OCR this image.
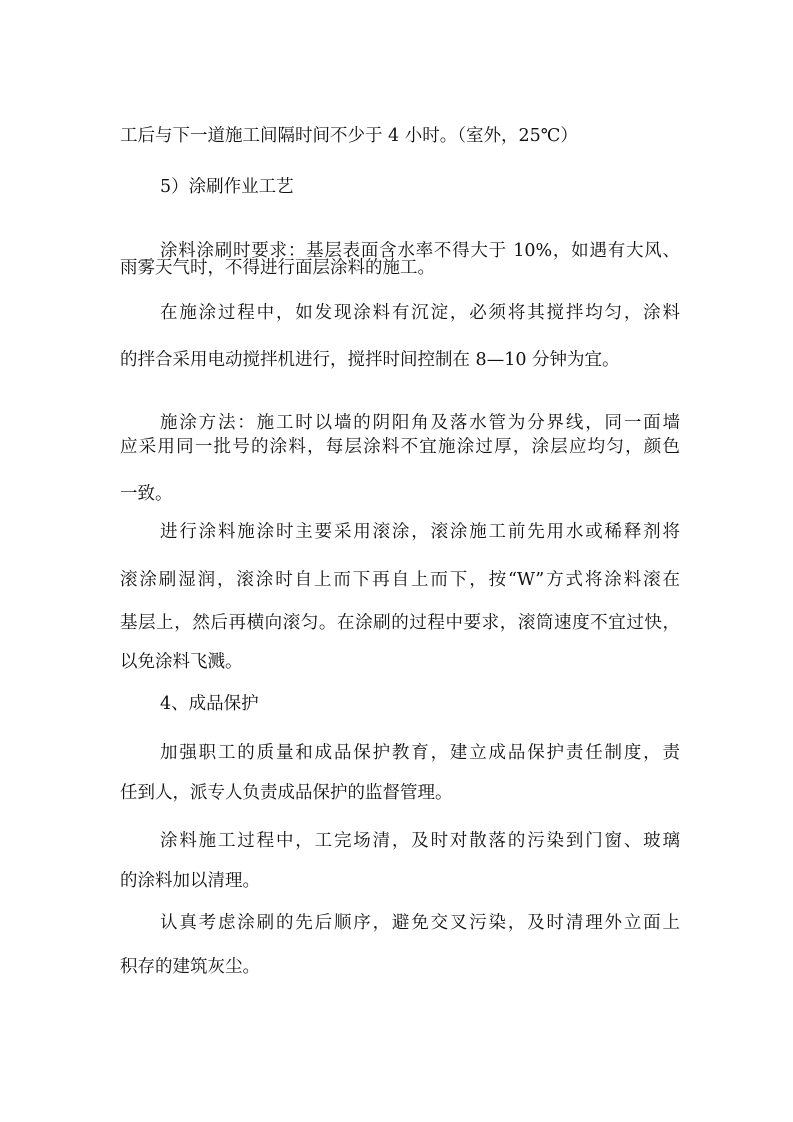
工后与下一道施工间隔时间不少于 4 小时。（室外，25℃）
5）涂刷作业工艺
涂料涂刷时要求：基层表面含水率不得大于 10%，如遇有大风、
雨雾天气时，不得进行面层涂料的施工。
在施涂过程中，如发现涂料有沉淀，必须将其搅拌均匀，涂料
的拌合采用电动搅拌机进行，搅拌时间控制在 8—10 分钟为宜。
施涂方法：施工时以墙的阴阳角及落水管为分界线，同一面墙
应采用同一批号的涂料，每层涂料不宜施涂过厚，涂层应均匀，颜色
一致。
进行涂料施涂时主要采用滚涂，滚涂施工前先用水或稀释剂将
滚涂刷湿润，滚涂时自上而下再自上而下，按“W”方式将涂料滚在
基层上，然后再横向滚匀。在涂刷的过程中要求，滚筒速度不宜过快，
以免涂料飞溅。
4、成品保护
加强职工的质量和成品保护教育，建立成品保护责任制度，责
任到人，派专人负责成品保护的监督管理。
涂料施工过程中，工完场清，及时对散落的污染到门窗、玻璃
的涂料加以清理。
认真考虑涂刷的先后顺序，避免交叉污染，及时清理外立面上
积存的建筑灰尘。
